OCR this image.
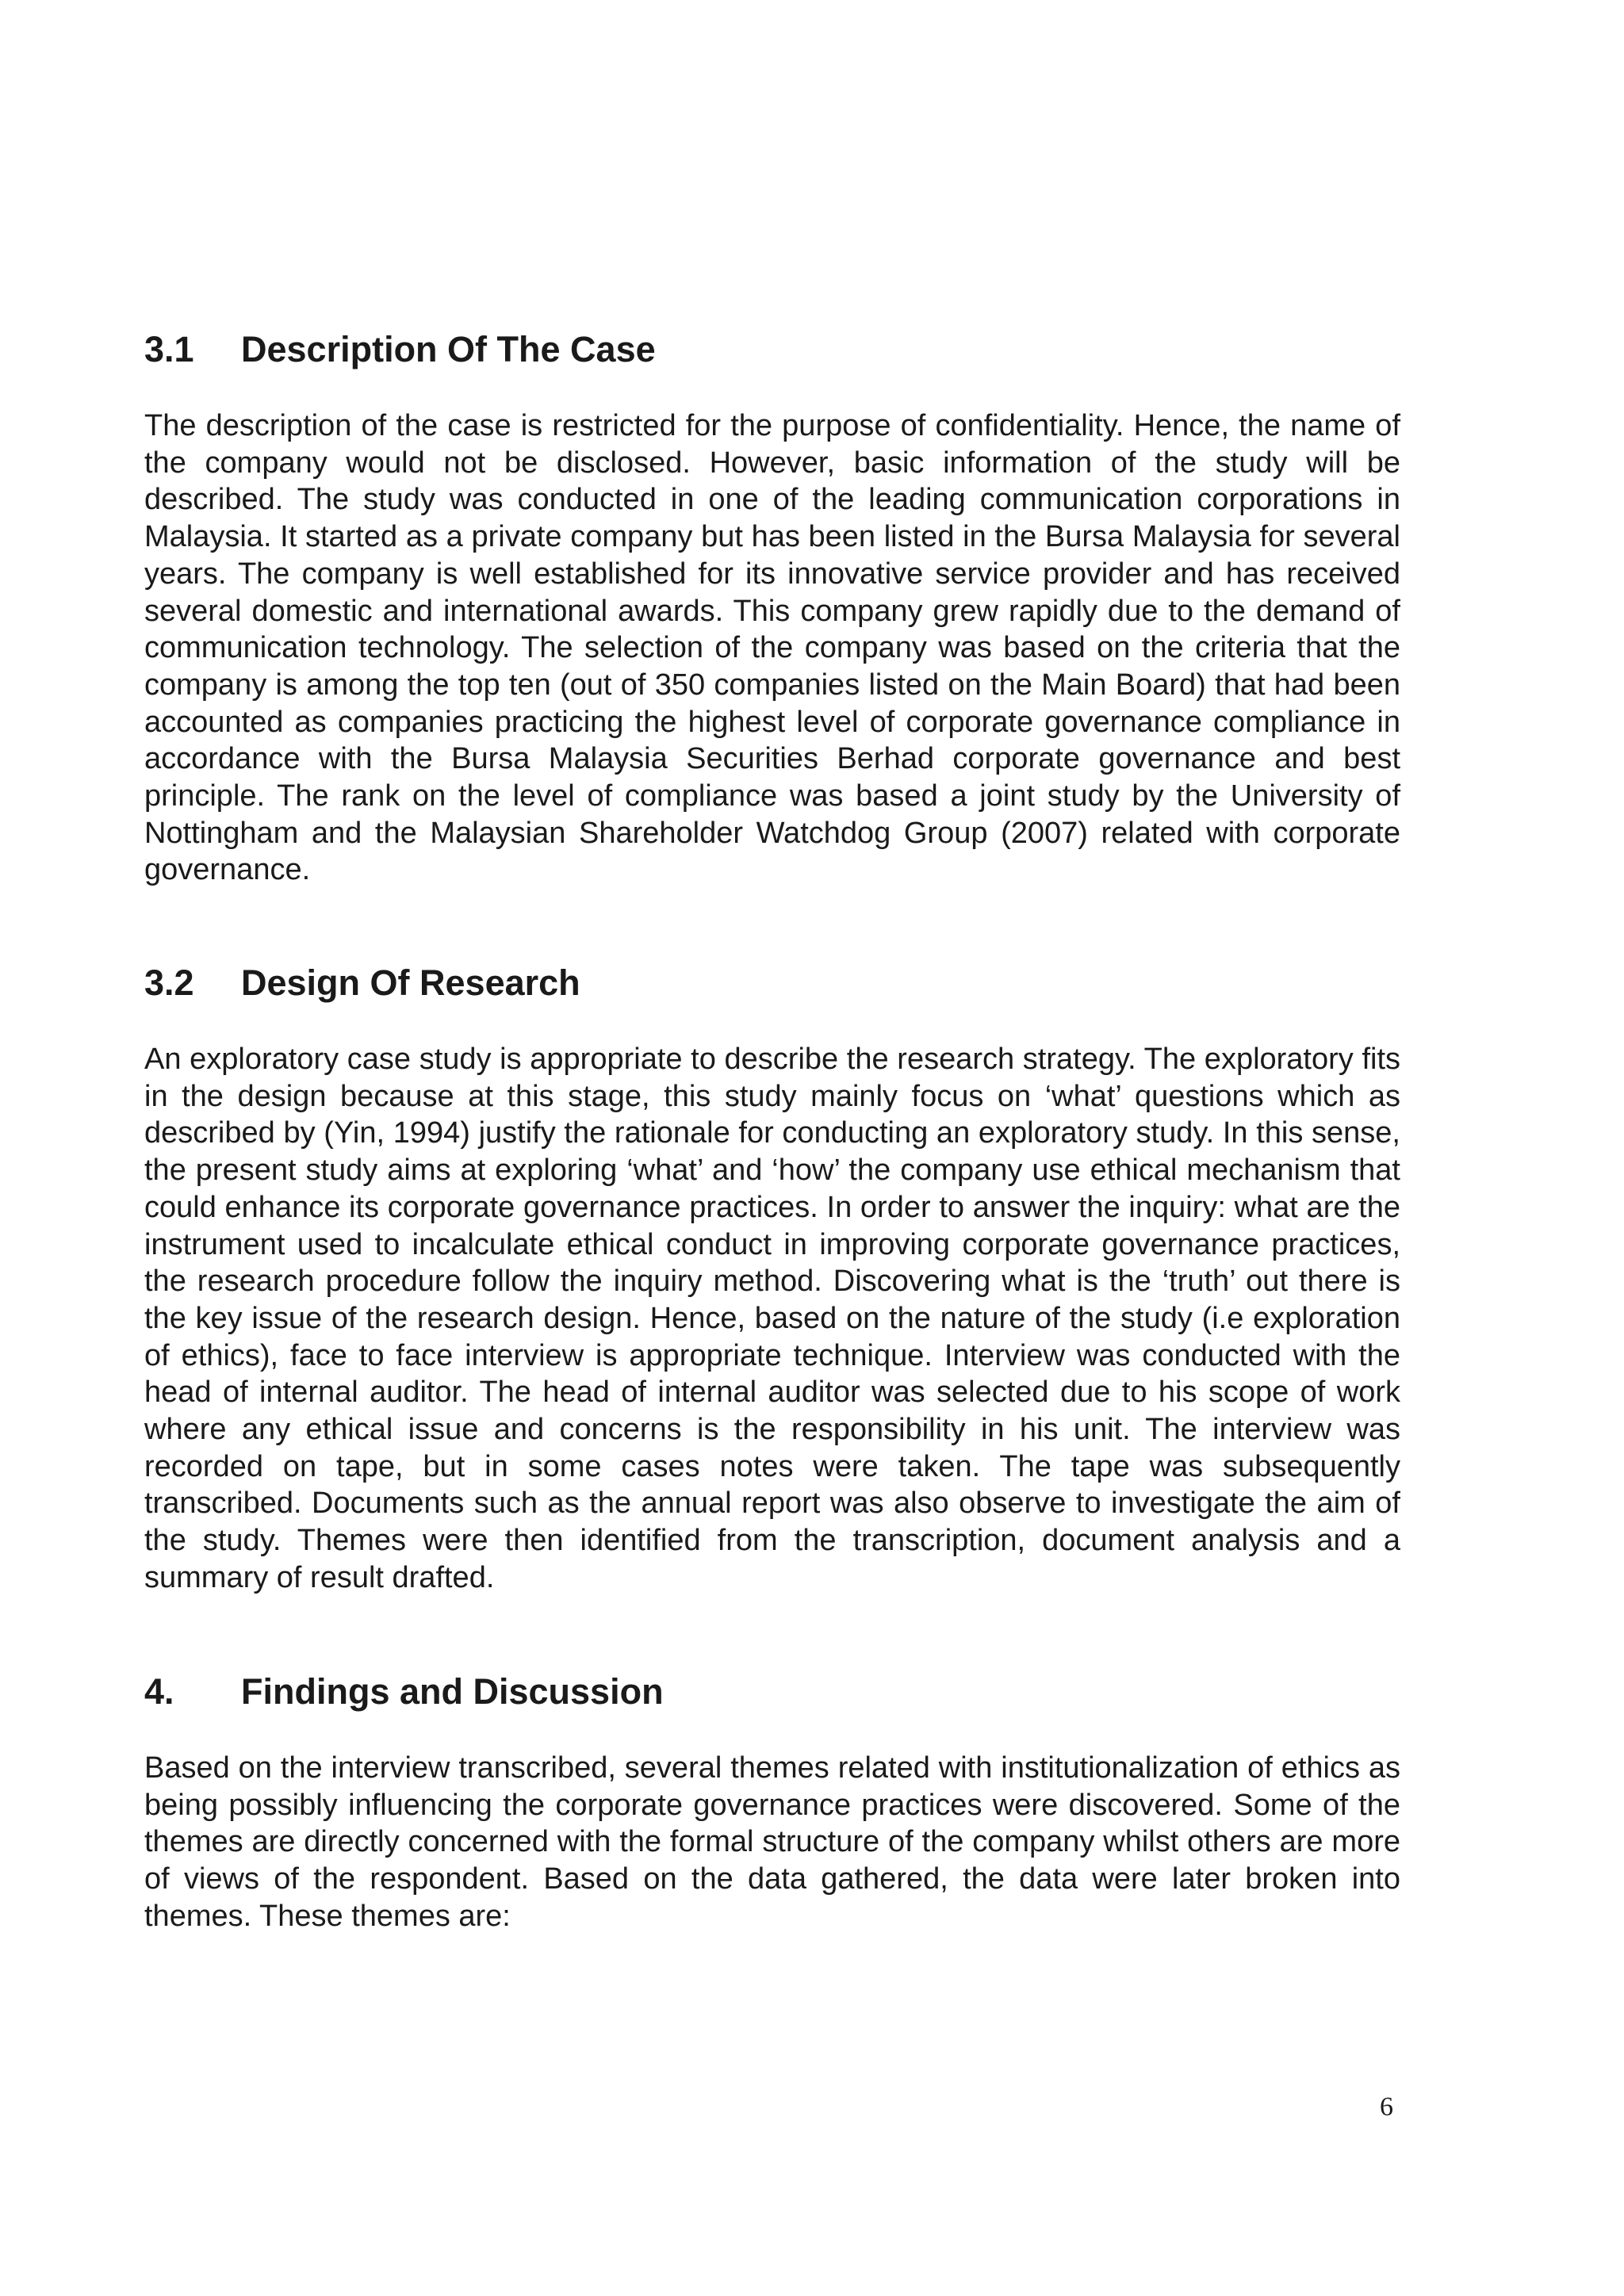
3.1 Description Of The Case

The description of the case is restricted for the purpose of confidentiality. Hence, the name of the company would not be disclosed. However, basic information of the study will be described. The study was conducted in one of the leading communication corporations in Malaysia. It started as a private company but has been listed in the Bursa Malaysia for several years. The company is well established for its innovative service provider and has received several domestic and international awards. This company grew rapidly due to the demand of communication technology. The selection of the company was based on the criteria that the company is among the top ten (out of 350 companies listed on the Main Board) that had been accounted as companies practicing the highest level of corporate governance compliance in accordance with the Bursa Malaysia Securities Berhad corporate governance and best principle. The rank on the level of compliance was based a joint study by the University of Nottingham and the Malaysian Shareholder Watchdog Group (2007) related with corporate governance.

3.2 Design Of Research

An exploratory case study is appropriate to describe the research strategy. The exploratory fits in the design because at this stage, this study mainly focus on ‘what’ questions which as described by (Yin, 1994) justify the rationale for conducting an exploratory study. In this sense, the present study aims at exploring ‘what’ and ‘how’ the company use ethical mechanism that could enhance its corporate governance practices. In order to answer the inquiry: what are the instrument used to incalculate ethical conduct in improving corporate governance practices, the research procedure follow the inquiry method. Discovering what is the ‘truth’ out there is the key issue of the research design. Hence, based on the nature of the study (i.e exploration of ethics), face to face interview is appropriate technique. Interview was conducted with the head of internal auditor. The head of internal auditor was selected due to his scope of work where any ethical issue and concerns is the responsibility in his unit. The interview was recorded on tape, but in some cases notes were taken. The tape was subsequently transcribed. Documents such as the annual report was also observe to investigate the aim of the study. Themes were then identified from the transcription, document analysis and a summary of result drafted.

4. Findings and Discussion

Based on the interview transcribed, several themes related with institutionalization of ethics as being possibly influencing the corporate governance practices were discovered. Some of the themes are directly concerned with the formal structure of the company whilst others are more of views of the respondent. Based on the data gathered, the data were later broken into themes. These themes are:

6
